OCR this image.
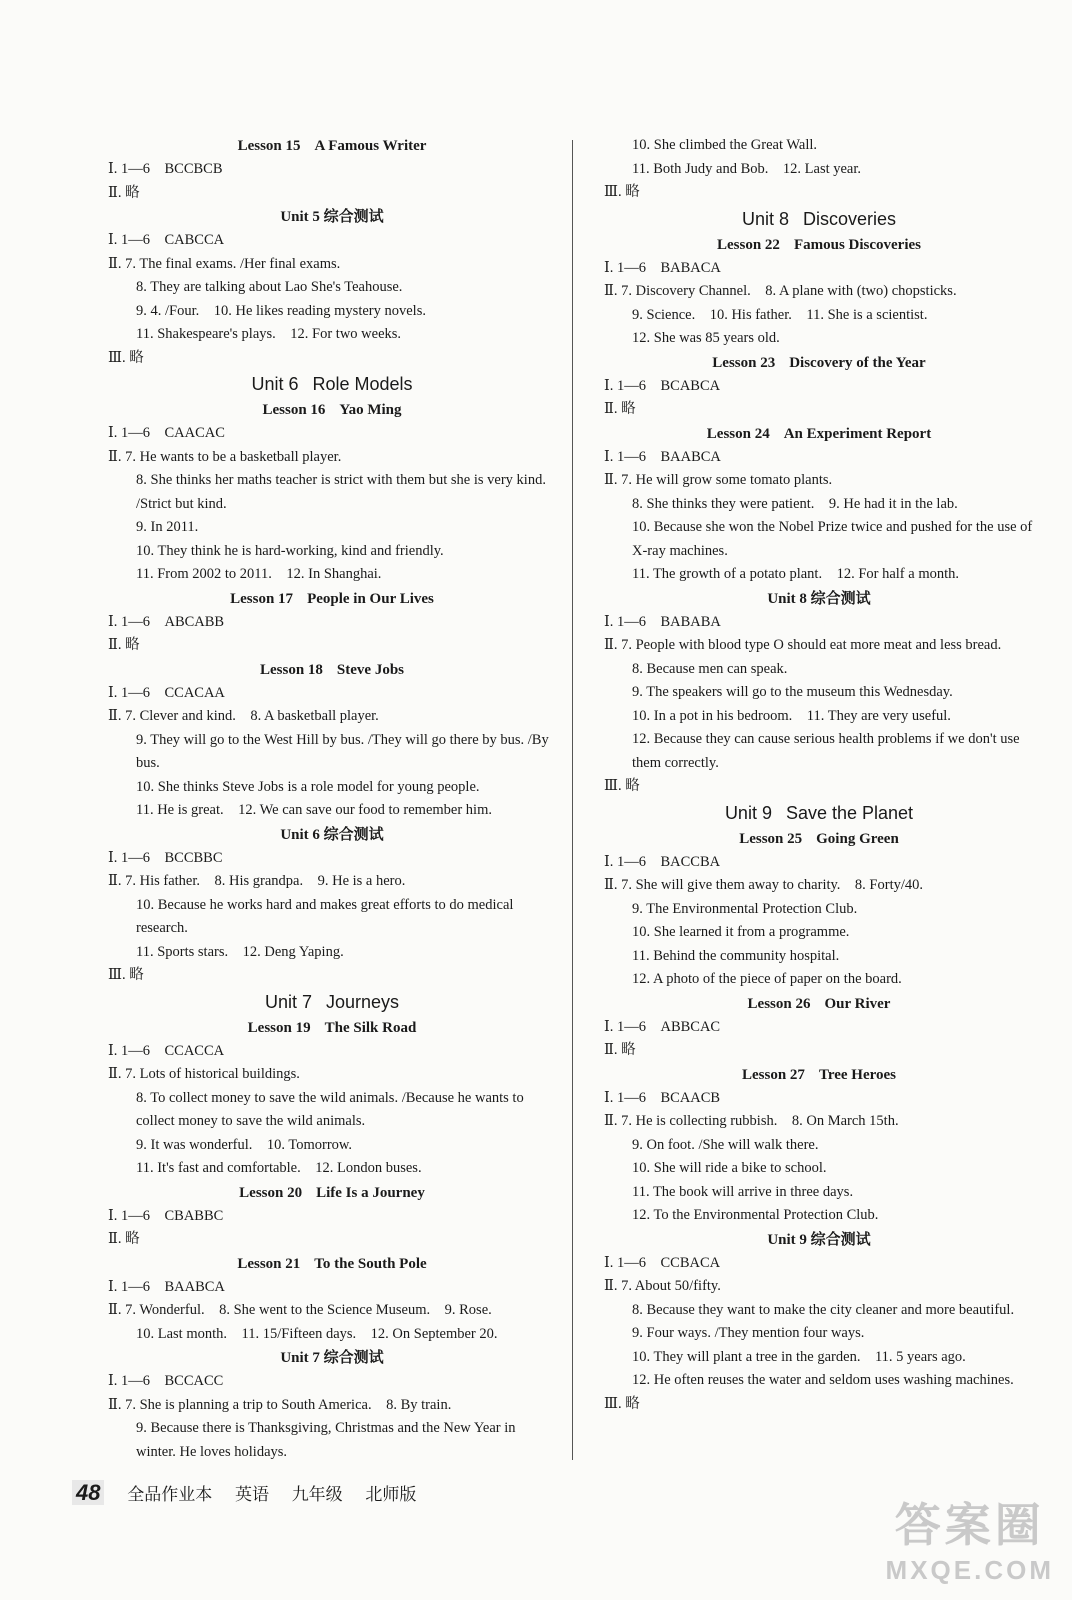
Lesson 15 A Famous Writer
Ⅰ. 1—6　BCCBCB
Ⅱ. 略
Unit 5 综合测试
Ⅰ. 1—6　CABCCA
Ⅱ. 7. The final exams. /Her final exams.
8. They are talking about Lao She's Teahouse.
9. 4. /Four.　10. He likes reading mystery novels.
11. Shakespeare's plays.　12. For two weeks.
Ⅲ. 略
Unit 6 Role Models
Lesson 16 Yao Ming
Ⅰ. 1—6　CAACAC
Ⅱ. 7. He wants to be a basketball player.
8. She thinks her maths teacher is strict with them but she is very kind. /Strict but kind.
9. In 2011.
10. They think he is hard-working, kind and friendly.
11. From 2002 to 2011.　12. In Shanghai.
Lesson 17 People in Our Lives
Ⅰ. 1—6　ABCABB
Ⅱ. 略
Lesson 18 Steve Jobs
Ⅰ. 1—6　CCACAA
Ⅱ. 7. Clever and kind.　8. A basketball player.
9. They will go to the West Hill by bus. /They will go there by bus. /By bus.
10. She thinks Steve Jobs is a role model for young people.
11. He is great.　12. We can save our food to remember him.
Unit 6 综合测试
Ⅰ. 1—6　BCCBBC
Ⅱ. 7. His father.　8. His grandpa.　9. He is a hero.
10. Because he works hard and makes great efforts to do medical research.
11. Sports stars.　12. Deng Yaping.
Ⅲ. 略
Unit 7 Journeys
Lesson 19 The Silk Road
Ⅰ. 1—6　CCACCA
Ⅱ. 7. Lots of historical buildings.
8. To collect money to save the wild animals. /Because he wants to collect money to save the wild animals.
9. It was wonderful.　10. Tomorrow.
11. It's fast and comfortable.　12. London buses.
Lesson 20 Life Is a Journey
Ⅰ. 1—6　CBABBC
Ⅱ. 略
Lesson 21 To the South Pole
Ⅰ. 1—6　BAABCA
Ⅱ. 7. Wonderful.　8. She went to the Science Museum.　9. Rose.
10. Last month.　11. 15/Fifteen days.　12. On September 20.
Unit 7 综合测试
Ⅰ. 1—6　BCCACC
Ⅱ. 7. She is planning a trip to South America.　8. By train.
9. Because there is Thanksgiving, Christmas and the New Year in winter. He loves holidays.
10. She climbed the Great Wall.
11. Both Judy and Bob.　12. Last year.
Ⅲ. 略
Unit 8 Discoveries
Lesson 22 Famous Discoveries
Ⅰ. 1—6　BABACA
Ⅱ. 7. Discovery Channel.　8. A plane with (two) chopsticks.
9. Science.　10. His father.　11. She is a scientist.
12. She was 85 years old.
Lesson 23 Discovery of the Year
Ⅰ. 1—6　BCABCA
Ⅱ. 略
Lesson 24 An Experiment Report
Ⅰ. 1—6　BAABCA
Ⅱ. 7. He will grow some tomato plants.
8. She thinks they were patient.　9. He had it in the lab.
10. Because she won the Nobel Prize twice and pushed for the use of X-ray machines.
11. The growth of a potato plant.　12. For half a month.
Unit 8 综合测试
Ⅰ. 1—6　BABABA
Ⅱ. 7. People with blood type O should eat more meat and less bread.
8. Because men can speak.
9. The speakers will go to the museum this Wednesday.
10. In a pot in his bedroom.　11. They are very useful.
12. Because they can cause serious health problems if we don't use them correctly.
Ⅲ. 略
Unit 9 Save the Planet
Lesson 25 Going Green
Ⅰ. 1—6　BACCBA
Ⅱ. 7. She will give them away to charity.　8. Forty/40.
9. The Environmental Protection Club.
10. She learned it from a programme.
11. Behind the community hospital.
12. A photo of the piece of paper on the board.
Lesson 26 Our River
Ⅰ. 1—6　ABBCAC
Ⅱ. 略
Lesson 27 Tree Heroes
Ⅰ. 1—6　BCAACB
Ⅱ. 7. He is collecting rubbish.　8. On March 15th.
9. On foot. /She will walk there.
10. She will ride a bike to school.
11. The book will arrive in three days.
12. To the Environmental Protection Club.
Unit 9 综合测试
Ⅰ. 1—6　CCBACA
Ⅱ. 7. About 50/fifty.
8. Because they want to make the city cleaner and more beautiful.
9. Four ways. /They mention four ways.
10. They will plant a tree in the garden.　11. 5 years ago.
12. He often reuses the water and seldom uses washing machines.
Ⅲ. 略
48 全品作业本 英语 九年级 北师版
答案圈
MXQE.COM
